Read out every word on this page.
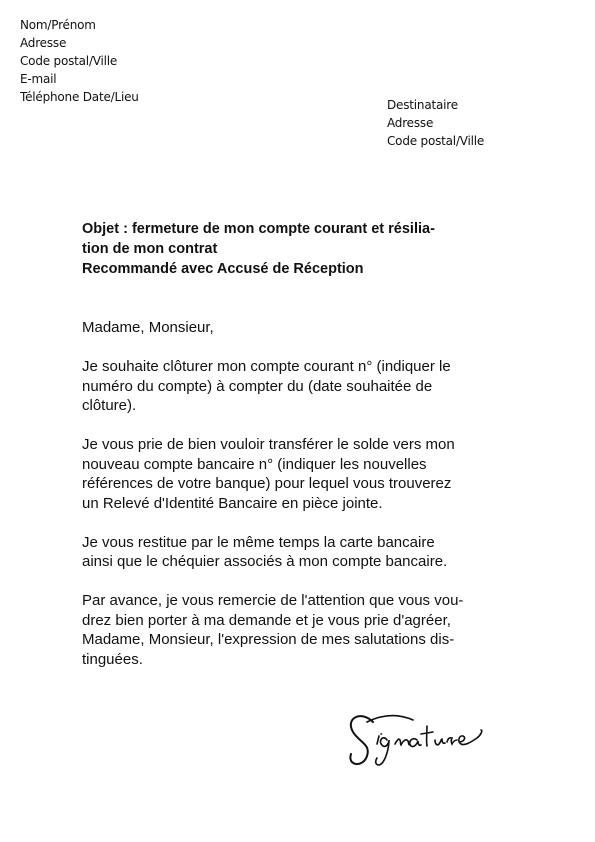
Nom/Prénom
Adresse
Code postal/Ville
E-mail
Téléphone Date/Lieu
Destinataire
Adresse
Code postal/Ville
Objet : fermeture de mon compte courant et résilia-
tion de mon contrat
Recommandé avec Accusé de Réception
Madame, Monsieur,
Je souhaite clôturer mon compte courant n° (indiquer le
numéro du compte) à compter du (date souhaitée de
clôture).
Je vous prie de bien vouloir transférer le solde vers mon
nouveau compte bancaire n° (indiquer les nouvelles
références de votre banque) pour lequel vous trouverez
un Relevé d'Identité Bancaire en pièce jointe.
Je vous restitue par le même temps la carte bancaire
ainsi que le chéquier associés à mon compte bancaire.
Par avance, je vous remercie de l'attention que vous vou-
drez bien porter à ma demande et je vous prie d'agréer,
Madame, Monsieur, l'expression de mes salutations dis-
tinguées.
